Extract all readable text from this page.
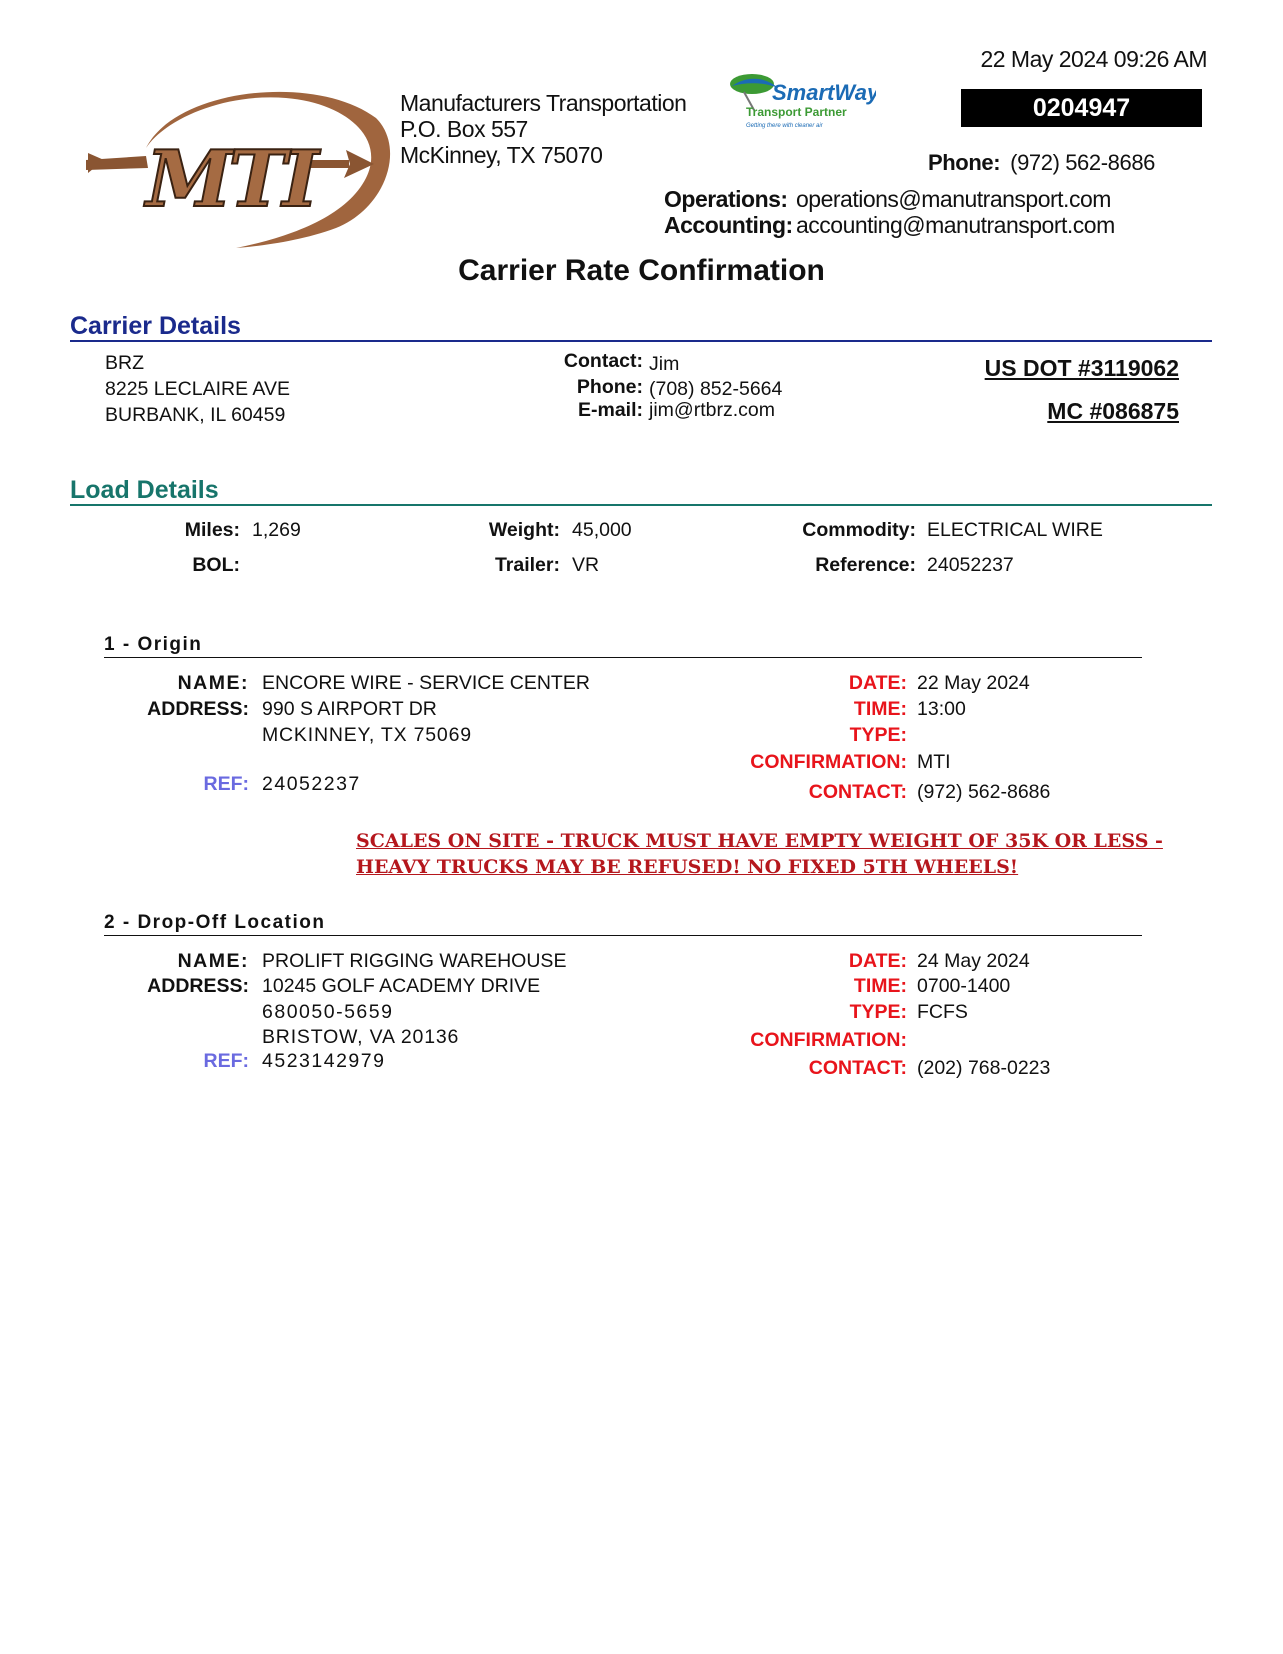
MTI
Manufacturers Transportation
P.O. Box 557
McKinney, TX 75070
SmartWay
Transport Partner
Getting there with cleaner air
22 May 2024 09:26 AM
0204947
Phone: (972) 562-8686
Operations: operations@manutransport.com
Accounting: accounting@manutransport.com
Carrier Rate Confirmation
Carrier Details
BRZ
8225 LECLAIRE AVE
BURBANK, IL 60459
Contact: Jim
Phone: (708) 852-5664
E-mail: jim@rtbrz.com
US DOT #3119062
MC #086875
Load Details
Miles: 1,269	Weight: 45,000	Commodity: ELECTRICAL WIRE
BOL:	Trailer: VR	Reference: 24052237
1 - Origin
NAME: ENCORE WIRE - SERVICE CENTER
ADDRESS: 990 S AIRPORT DR
MCKINNEY, TX 75069
REF: 24052237
DATE: 22 May 2024
TIME: 13:00
TYPE:
CONFIRMATION: MTI
CONTACT: (972) 562-8686
SCALES ON SITE - TRUCK MUST HAVE EMPTY WEIGHT OF 35K OR LESS -
HEAVY TRUCKS MAY BE REFUSED! NO FIXED 5TH WHEELS!
2 - Drop-Off Location
NAME: PROLIFT RIGGING WAREHOUSE
ADDRESS: 10245 GOLF ACADEMY DRIVE
680050-5659
BRISTOW, VA 20136
REF: 4523142979
DATE: 24 May 2024
TIME: 0700-1400
TYPE: FCFS
CONFIRMATION:
CONTACT: (202) 768-0223
